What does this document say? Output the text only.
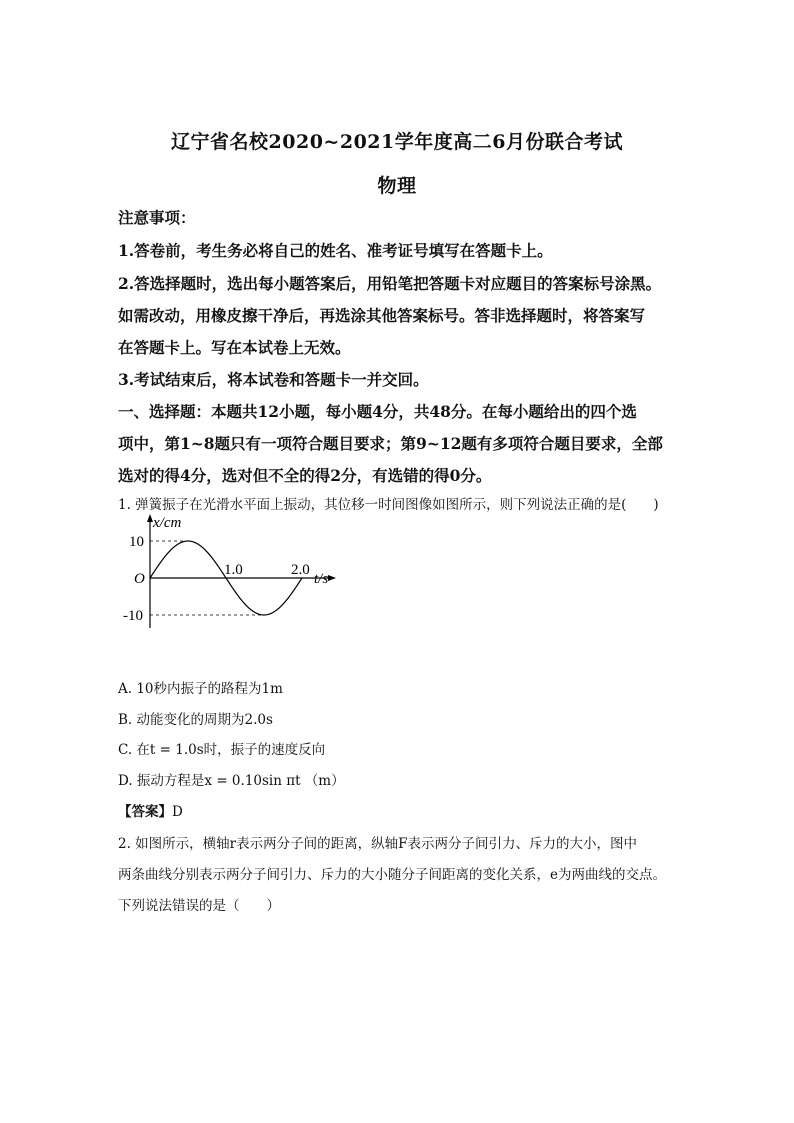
辽宁省名校2020~2021学年度高二6月份联合考试
物理
注意事项：
1.答卷前，考生务必将自己的姓名、准考证号填写在答题卡上。
2.答选择题时，选出每小题答案后，用铅笔把答题卡对应题目的答案标号涂黑。
如需改动，用橡皮擦干净后，再选涂其他答案标号。答非选择题时，将答案写
在答题卡上。写在本试卷上无效。
3.考试结束后，将本试卷和答题卡一并交回。
一、选择题：本题共12小题，每小题4分，共48分。在每小题给出的四个选
项中，第1~8题只有一项符合题目要求；第9~12题有多项符合题目要求，全部
选对的得4分，选对但不全的得2分，有选错的得0分。
1. 弹簧振子在光滑水平面上振动，其位移一时间图像如图所示，则下列说法正确的是(　　)
x/cm
t/s
O
10
-10
1.0	2.0
A. 10秒内振子的路程为1m
B. 动能变化的周期为2.0s
C. 在t = 1.0s时，振子的速度反向
D. 振动方程是x = 0.10sin πt （m）
【答案】D
2. 如图所示，横轴r表示两分子间的距离，纵轴F表示两分子间引力、斥力的大小，图中
两条曲线分别表示两分子间引力、斥力的大小随分子间距离的变化关系，e为两曲线的交点。
下列说法错误的是（　　）
